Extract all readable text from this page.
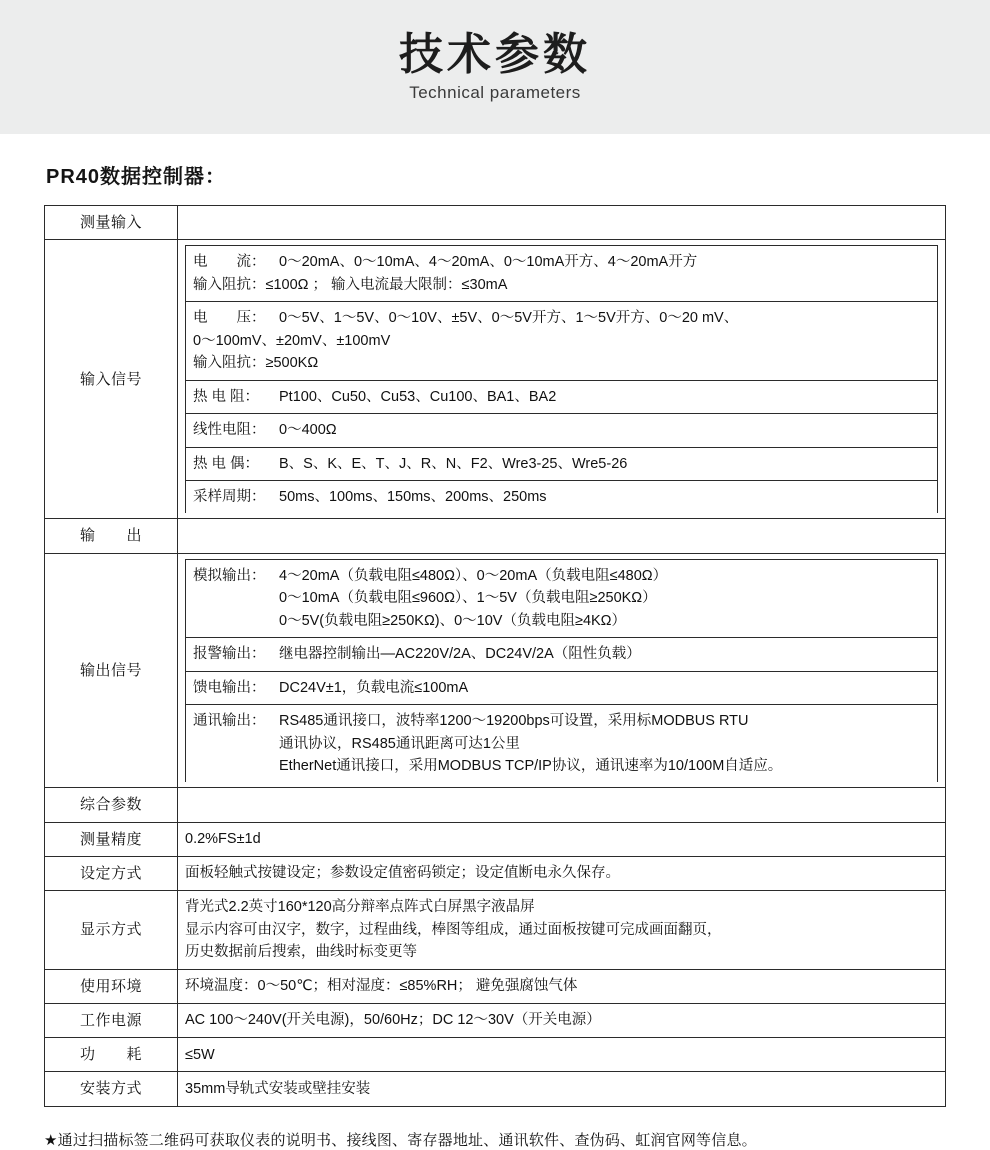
技术参数
Technical parameters
PR40数据控制器：
测量输入	
输入信号	
电　　流： 0～20mA、0～10mA、4～20mA、0～10mA开方、4～20mA开方
输入阻抗：≤100Ω ； 输入电流最大限制：≤30mA

电　　压： 0～5V、1～5V、0～10V、±5V、0～5V开方、1～5V开方、0～20 mV、
0～100mV、±20mV、±100mV
输入阻抗：≥500KΩ

热 电 阻：	Pt100、Cu50、Cu53、Cu100、BA1、BA2

线性电阻： 0～400Ω

热 电 偶：	B、S、K、E、T、J、R、N、F2、Wre3-25、Wre5-26

采样周期： 50ms、100ms、150ms、200ms、250ms

输　　出	
输出信号	
模拟输出： 4～20mA（负载电阻≤480Ω）、0～20mA（负载电阻≤480Ω）
0～10mA（负载电阻≤960Ω）、1～5V（负载电阻≥250KΩ）
0～5V(负载电阻≥250KΩ)、0～10V（负载电阻≥4KΩ）

报警输出： 继电器控制输出—AC220V/2A、DC24V/2A（阻性负载）

馈电输出： DC24V±1，负载电流≤100mA

通讯输出： RS485通讯接口，波特率1200～19200bps可设置，采用标MODBUS RTU
通讯协议，RS485通讯距离可达1公里
EtherNet通讯接口，采用MODBUS TCP/IP协议，通讯速率为10/100M自适应。

综合参数	
测量精度	0.2%FS±1d
设定方式	面板轻触式按键设定；参数设定值密码锁定；设定值断电永久保存。
显示方式	
背光式2.2英寸160*120高分辩率点阵式白屏黑字液晶屏
显示内容可由汉字，数字，过程曲线，棒图等组成，通过面板按键可完成画面翻页，
历史数据前后搜索，曲线时标变更等

使用环境	环境温度：0～50℃；相对湿度：≤85%RH； 避免强腐蚀气体
工作电源	AC 100～240V(开关电源)，50/60Hz；DC 12～30V（开关电源）
功　　耗	≤5W
安装方式	35mm导轨式安装或壁挂安装
★通过扫描标签二维码可获取仪表的说明书、接线图、寄存器地址、通讯软件、查伪码、虹润官网等信息。
